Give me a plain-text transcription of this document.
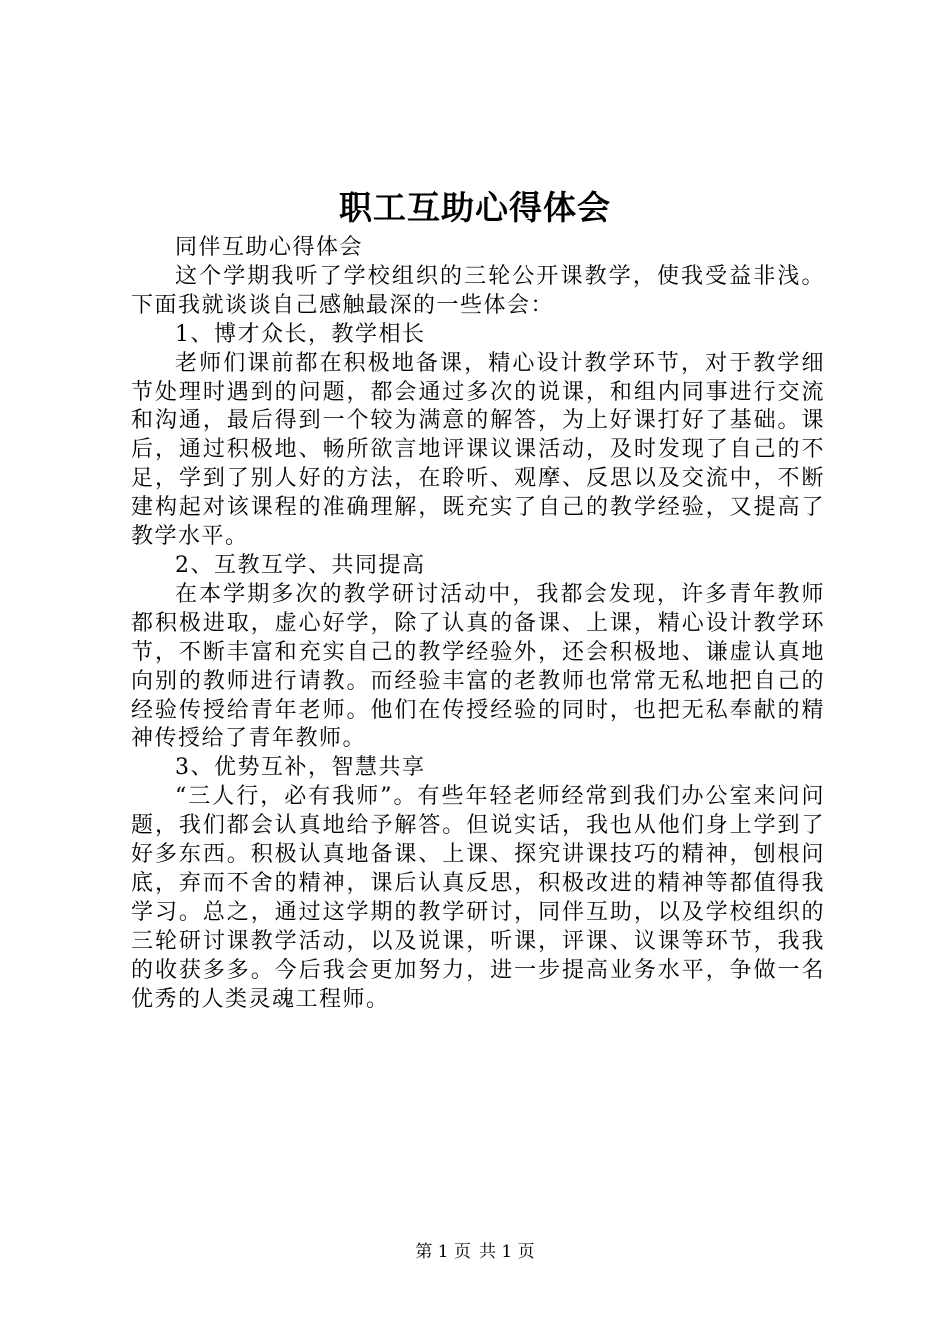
职工互助心得体会

同伴互助心得体会

这个学期我听了学校组织的三轮公开课教学，使我受益非浅。下面我就谈谈自己感触最深的一些体会：

1、博才众长，教学相长

老师们课前都在积极地备课，精心设计教学环节，对于教学细节处理时遇到的问题，都会通过多次的说课，和组内同事进行交流和沟通，最后得到一个较为满意的解答，为上好课打好了基础。课后，通过积极地、畅所欲言地评课议课活动，及时发现了自己的不足，学到了别人好的方法，在聆听、观摩、反思以及交流中，不断建构起对该课程的准确理解，既充实了自己的教学经验，又提高了教学水平。

2、互教互学、共同提高

在本学期多次的教学研讨活动中，我都会发现，许多青年教师都积极进取，虚心好学，除了认真的备课、上课，精心设计教学环节，不断丰富和充实自己的教学经验外，还会积极地、谦虚认真地向别的教师进行请教。而经验丰富的老教师也常常无私地把自己的经验传授给青年老师。他们在传授经验的同时，也把无私奉献的精神传授给了青年教师。

3、优势互补，智慧共享

“三人行，必有我师”。有些年轻老师经常到我们办公室来问问题，我们都会认真地给予解答。但说实话，我也从他们身上学到了好多东西。积极认真地备课、上课、探究讲课技巧的精神，刨根问底，弃而不舍的精神，课后认真反思，积极改进的精神等都值得我学习。总之，通过这学期的教学研讨，同伴互助，以及学校组织的三轮研讨课教学活动，以及说课，听课，评课、议课等环节，我我的收获多多。今后我会更加努力，进一步提高业务水平，争做一名优秀的人类灵魂工程师。

第 1 页 共 1 页
